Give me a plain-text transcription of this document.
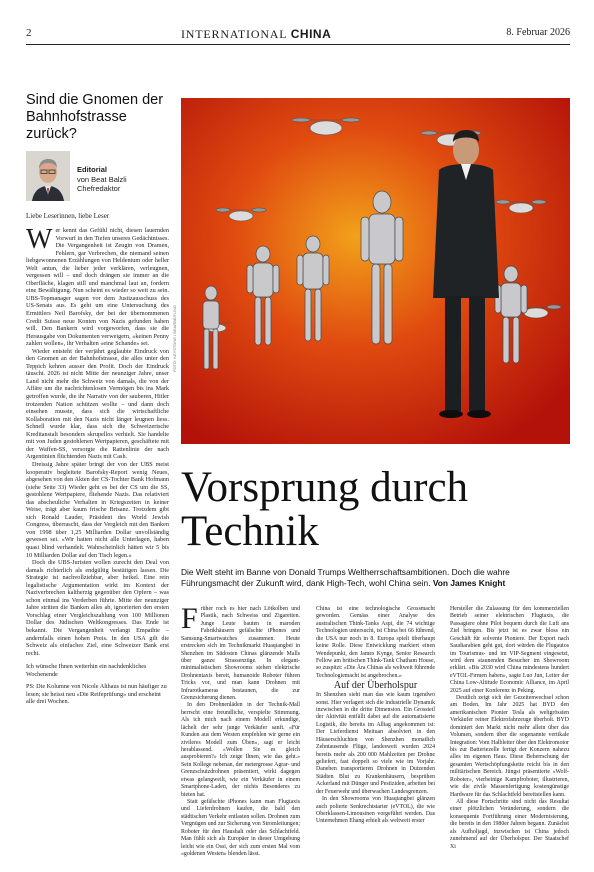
2	INTERNATIONAL CHINA	8. Februar 2026
Sind die Gnomen der Bahnhofstrasse zurück?
Editorial
von Beat Balzli
Chefredaktor

Liebe Leserinnen, liebe Leser

Wer kennt das Gefühl nicht, diesen lauernden Vorwurf in den Tiefen unseres Gedächtnisses. Die Vergangenheit ist Zeugin von Dramen, Fehlern, gar Verbrechen, die niemand seinen liebgewonnenen Erzählungen von Heldentum oder heller Welt antun, die lieber jeder verklären, verleugnen, vergessen will – und doch drängen sie immer an die Oberfläche, klagen still und manchmal laut an, fordern eine Bewältigung. Nun scheint es wieder so weit zu sein. UBS-Topmanager sagen vor dem Justizausschuss des US-Senats aus. Es geht um eine Untersuchung des Ermittlers Neil Barofsky, der bei der übernommenen Credit Suisse neue Konten von Nazis gefunden haben will. Den Bankern wird vorgeworfen, dass sie die Herausgabe von Dokumenten verweigern, «keinen Penny zahlen wollen», ihr Verhalten «eine Schande» sei.

Wieder entsteht der verjährt geglaubte Eindruck von den Gnomen an der Bahnhofstrasse, die alles unter den Teppich kehren ausser den Profit. Doch der Eindruck täuscht. 2026 ist nicht Mitte der neunziger Jahre, unser Land nicht mehr die Schweiz von damals, die von der Affäre um die nachrichtenlosen Vermögen bis ins Mark getroffen wurde, die ihr Narrativ von der sauberen, Hitler trotzenden Nation schützen wollte – und dann doch einsehen musste, dass sich die wirtschaftliche Kollaboration mit den Nazis nicht länger leugnen liess. Schnell wurde klar, dass sich die Schweizerische Kreditanstalt besonders skrupellos verhielt. Sie handelte mit von Juden gestohlenen Wertpapieren, geschäftete mit der Waffen-SS, versorgte die Rattenlinie der nach Argentinien flüchtenden Nazis mit Cash.

Dreissig Jahre später bringt der von der UBS meist kooperativ begleitete Barofsky-Report wenig Neues, abgesehen von den Akten der CS-Tochter Bank Hofmann (siehe Seite 33) Wieder geht es bei der CS um die SS, gestohlene Wertpapiere, fliehende Nazis. Das relativiert das abscheuliche Verhalten in Kriegszeiten in keiner Weise, trägt aber kaum frische Brisanz. Trotzdem gibt sich Ronald Lauder, Präsident des World Jewish Congress, überrascht, dass der Vergleich mit den Banken von 1998 über 1,25 Milliarden Dollar unvollständig gewesen sei. «Wir hatten nicht alle Unterlagen, haben quasi blind verhandelt. Wahrscheinlich hätten wir 5 bis 10 Milliarden Dollar auf den Tisch legen.»

Doch die UBS-Juristen wollen zurecht den Deal von damals richterlich als endgültig bestätigen lassen. Die Strategie ist nachvollziehbar, aber heikel. Eine rein legalistische Argumentation wirkt im Kontext der Naziverbrechen kaltherzig gegenüber den Opfern – was schon einmal ins Verderben führte. Mitte der neunziger Jahre stritten die Banken alles ab, ignorierten den ersten Vorschlag einer Vergleichszahlung von 100 Millionen Dollar des Jüdischen Weltkongresses. Das Ende ist bekannt. Die Vergangenheit verlangt Empathie – andernfalls einen hohen Preis. In den USA gilt die Schweiz als einfaches Ziel, eine Schweizer Bank erst recht.

Ich wünsche Ihnen weiterhin ein nachdenkliches Wochenende
PS: Die Kolumne von Nicole Althaus ist nun häufiger zu lesen; sie heisst neu «Die Reifeprüfung» und erscheint alle drei Wochen.
FOTO: KEYSTONE / BEARBEITUNG
Vorsprung durch
Technik

Die Welt steht im Banne von Donald Trumps Weltherrschaftsambitionen. Doch die wahre Führungsmacht der Zukunft wird, dank High-Tech, wohl China sein. Von James Knight

Früher roch es hier nach Lötkolben und Plastik, nach Schweiss und Zigaretten. Junge Leute bauten in maroden Fabrikhäusern gefälschte iPhones und Samsung-Smartwatches zusammen. Heute erstrecken sich im Technikmarkt Huaqiangbei in Shenzhen im Südosten Chinas glänzende Malls über ganze Strassenzüge. In elegant-minimalistischen Showrooms stehen elektrische Drohnentaxis bereit, humanoide Roboter führen Tricks vor, und man kann Drohnen mit Infrarotkameras bestaunen, die zur Grenzsicherung dienen.

In den Drohnenläden in der Technik-Mall herrscht eine freundliche, verspielte Stimmung. Als ich mich nach einem Modell erkundige, lächelt der sehr junge Verkäufer sanft. «Für Kunden aus dem Westen empfehlen wir gerne ein zivileres Modell zum Üben», sagt er leicht herablassend. «Wollen Sie es gleich ausprobieren?» Ich zeige Ihnen, wie das geht.» Sein Kollege nebenan, der metergrosse Agrar- und Grenzschutzdrohnen präsentiert, wirkt dagegen etwas gelangweilt, wie ein Verkäufer in einem Smartphone-Laden, der nichts Besonderes zu bieten hat.

Statt gefälschte iPhones kann man Flugtaxis und Lieferdrohnen kaufen, die bald den städtischen Verkehr entlasten sollen. Drohnen zum Vergnügen und zur Sicherung von Stromleitungen; Roboter für den Haushalt oder das Schlachtfeld. Man fühlt sich als Europäer in dieser Umgebung leicht wie ein Ossi, der sich zum ersten Mal vom «goldenen Westen» blenden lässt.

China ist eine technologische Grossmacht geworden. Gemäss einer Analyse des australischen Think-Tanks Aspi, die 74 wichtige Technologien untersucht, ist China bei 66 führend, die USA nur noch in 8. Europa spielt überhaupt keine Rolle. Diese Entwicklung markiert einen Wendepunkt, den James Kynge, Senior Research Fellow am britischen Think-Tank Chatham House, so zuspitzt: «Die Ära Chinas als weltweit führende Technologiemacht ist angebrochen.»

Auf der Überholspur

In Shenzhen sieht man das wie kaum irgendwo sonst. Hier verlagert sich die industrielle Dynamik inzwischen in die dritte Dimension. Ein Grossteil der Aktivität entfällt dabei auf die automatisierte Logistik, die bereits im Alltag angekommen ist: Der Lieferdienst Meituan absolviert in den Häuserschluchten von Shenzhen monatlich Zehntausende Flüge, landesweit wurden 2024 bereits mehr als 200 000 Mahlzeiten per Drohne geliefert, fast doppelt so viele wie im Vorjahr. Daneben transportieren Drohnen in Dutzenden Städten Blut zu Krankenhäusern, besprühen Ackerland mit Dünger und Pestiziden, arbeiten bei der Feuerwehr und überwachen Landesgrenzen.

In den Showrooms von Huaqiangbei glänzen auch polierte Senkrechtstarter (eVTOL), die wie Oberklassen-Limousinen vorgeführt werden. Das Unternehmen Ehang erhielt als weltweit erster

Hersteller die Zulassung für den kommerziellen Betrieb seiner elektrischen Flugtaxis, die Passagiere ohne Pilot bequem durch die Luft ans Ziel bringen. Bis jetzt ist es zwar bloss ein Geschäft für solvente Pioniere. Der Export nach Saudiarabien geht gut, dort würden die Flugautos im Tourismus- und im VIP-Segment eingesetzt, wird dem staunenden Besucher im Showroom erklärt. «Bis 2030 wird China mindestens hundert eVTOL-Firmen haben», sagte Luo Jun, Leiter der China Low-Altitude Economic Alliance, im April 2025 auf einer Konferenz in Peking.

Deutlich zeigt sich der Gezeitenwechsel schon am Boden. Im Jahr 2025 hat BYD den amerikanischen Pionier Tesla als weltgrössten Verkäufer reiner Elektrofahrzeuge überholt. BYD dominiert den Markt nicht mehr allein über das Volumen, sondern über die sogenannte vertikale Integration: Vom Halbleiter über den Elektromotor bis zur Batteriezelle fertigt der Konzern nahezu alles im eigenen Haus. Diese Beherrschung der gesamten Wertschöpfungskette reicht bis in den militärischen Bereich. Jüngst präsentierte «Wolf-Roboter», vierbeinige Kampfroboter, illustrieren, wie die zivile Massenfertigung kostengünstige Hardware für das Schlachtfeld bereitstellen kann.

All diese Fortschritte sind nicht das Resultat einer plötzlichen Veränderung, sondern die konsequente Fortführung einer Modernisierung, die bereits in den 1980er Jahren begann. Zunächst als Aufholjagd, inzwischen ist China jedoch zunehmend auf der Überholspur. Der Staatschef Xi
